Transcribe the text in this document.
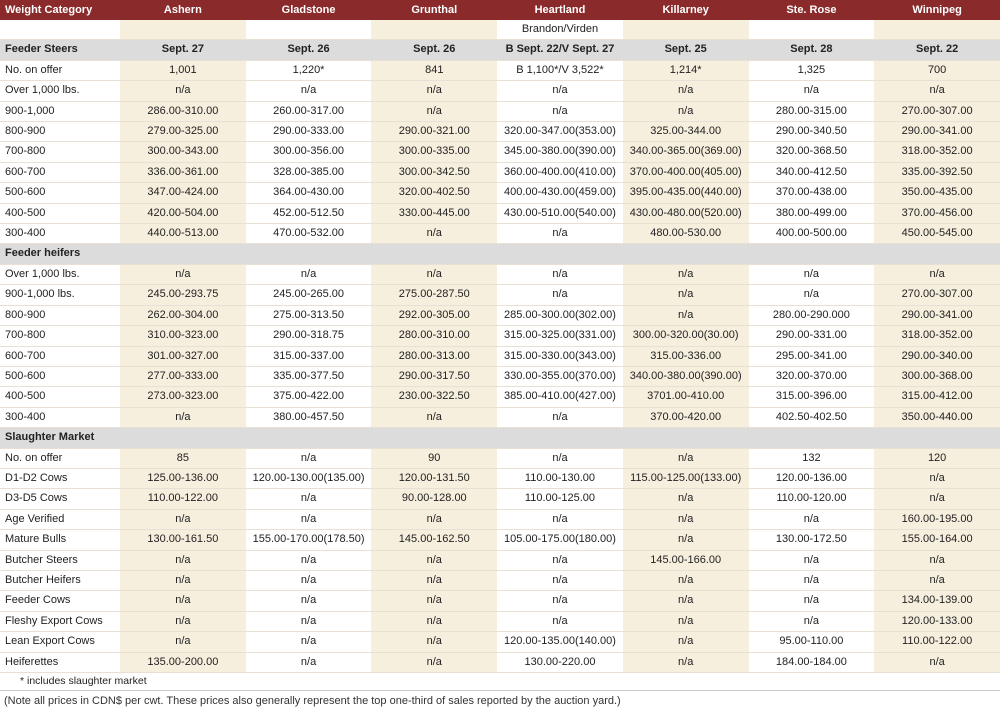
Weight Category	Ashern	Gladstone	Grunthal	Heartland	Killarney	Ste. Rose	Winnipeg
				Brandon/Virden			
Feeder Steers	Sept. 27	Sept. 26	Sept. 26	B Sept. 22/V Sept. 27	Sept. 25	Sept. 28	Sept. 22
No. on offer	1,001	1,220*	841	B 1,100*/V 3,522*	1,214*	1,325	700
Over 1,000 lbs.	n/a	n/a	n/a	n/a	n/a	n/a	n/a
900-1,000	286.00-310.00	260.00-317.00	n/a	n/a	n/a	280.00-315.00	270.00-307.00
800-900	279.00-325.00	290.00-333.00	290.00-321.00	320.00-347.00(353.00)	325.00-344.00	290.00-340.50	290.00-341.00
700-800	300.00-343.00	300.00-356.00	300.00-335.00	345.00-380.00(390.00)	340.00-365.00(369.00)	320.00-368.50	318.00-352.00
600-700	336.00-361.00	328.00-385.00	300.00-342.50	360.00-400.00(410.00)	370.00-400.00(405.00)	340.00-412.50	335.00-392.50
500-600	347.00-424.00	364.00-430.00	320.00-402.50	400.00-430.00(459.00)	395.00-435.00(440.00)	370.00-438.00	350.00-435.00
400-500	420.00-504.00	452.00-512.50	330.00-445.00	430.00-510.00(540.00)	430.00-480.00(520.00)	380.00-499.00	370.00-456.00
300-400	440.00-513.00	470.00-532.00	n/a	n/a	480.00-530.00	400.00-500.00	450.00-545.00
Feeder heifers							
Over 1,000 lbs.	n/a	n/a	n/a	n/a	n/a	n/a	n/a
900-1,000 lbs.	245.00-293.75	245.00-265.00	275.00-287.50	n/a	n/a	n/a	270.00-307.00
800-900	262.00-304.00	275.00-313.50	292.00-305.00	285.00-300.00(302.00)	n/a	280.00-290.000	290.00-341.00
700-800	310.00-323.00	290.00-318.75	280.00-310.00	315.00-325.00(331.00)	300.00-320.00(30.00)	290.00-331.00	318.00-352.00
600-700	301.00-327.00	315.00-337.00	280.00-313.00	315.00-330.00(343.00)	315.00-336.00	295.00-341.00	290.00-340.00
500-600	277.00-333.00	335.00-377.50	290.00-317.50	330.00-355.00(370.00)	340.00-380.00(390.00)	320.00-370.00	300.00-368.00
400-500	273.00-323.00	375.00-422.00	230.00-322.50	385.00-410.00(427.00)	3701.00-410.00	315.00-396.00	315.00-412.00
300-400	n/a	380.00-457.50	n/a	n/a	370.00-420.00	402.50-402.50	350.00-440.00
Slaughter Market							
No. on offer	85	n/a	90	n/a	n/a	132	120
D1-D2 Cows	125.00-136.00	120.00-130.00(135.00)	120.00-131.50	110.00-130.00	115.00-125.00(133.00)	120.00-136.00	n/a
D3-D5 Cows	110.00-122.00	n/a	90.00-128.00	110.00-125.00	n/a	110.00-120.00	n/a
Age Verified	n/a	n/a	n/a	n/a	n/a	n/a	160.00-195.00
Mature Bulls	130.00-161.50	155.00-170.00(178.50)	145.00-162.50	105.00-175.00(180.00)	n/a	130.00-172.50	155.00-164.00
Butcher Steers	n/a	n/a	n/a	n/a	145.00-166.00	n/a	n/a
Butcher Heifers	n/a	n/a	n/a	n/a	n/a	n/a	n/a
Feeder Cows	n/a	n/a	n/a	n/a	n/a	n/a	134.00-139.00
Fleshy Export Cows	n/a	n/a	n/a	n/a	n/a	n/a	120.00-133.00
Lean Export Cows	n/a	n/a	n/a	120.00-135.00(140.00)	n/a	95.00-110.00	110.00-122.00
Heiferettes	135.00-200.00	n/a	n/a	130.00-220.00	n/a	184.00-184.00	n/a
* includes slaughter market
(Note all prices in CDN$ per cwt. These prices also generally represent the top one-third of sales reported by the auction yard.)
